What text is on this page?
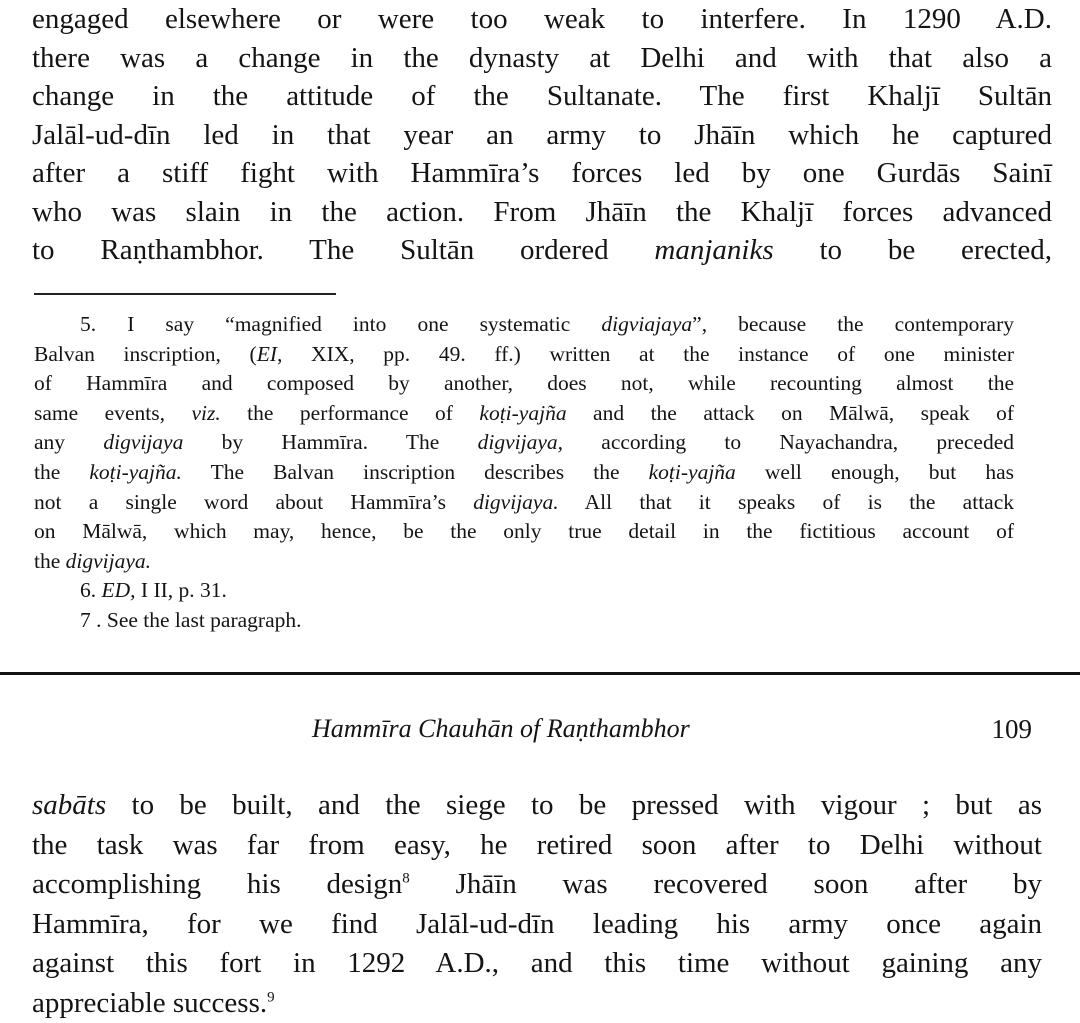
engaged elsewhere or were too weak to interfere. In 1290 A.D.
there was a change in the dynasty at Delhi and with that also a
change in the attitude of the Sultanate. The first Khaljī Sultān
Jalāl-ud-dīn led in that year an army to Jhāīn which he captured
after a stiff fight with Hammīra’s forces led by one Gurdās Sainī
who was slain in the action. From Jhāīn the Khaljī forces advanced
to Raṇthambhor. The Sultān ordered manjaniks to be erected,
5. I say “magnified into one systematic digviajaya”, because the contemporary
Balvan inscription, (EI, XIX, pp. 49. ff.) written at the instance of one minister
of Hammīra and composed by another, does not, while recounting almost the
same events, viz. the performance of koṭi-yajña and the attack on Mālwā, speak of
any digvijaya by Hammīra. The digvijaya, according to Nayachandra, preceded
the koṭi-yajña. The Balvan inscription describes the koṭi-yajña well enough, but has
not a single word about Hammīra’s digvijaya. All that it speaks of is the attack
on Mālwā, which may, hence, be the only true detail in the fictitious account of
the digvijaya.
6. ED, I II, p. 31.
7 . See the last paragraph.
Hammīra Chauhān of Raṇthambhor	109
sabāts to be built, and the siege to be pressed with vigour ; but as
the task was far from easy, he retired soon after to Delhi without
accomplishing his design$^8$ Jhāīn was recovered soon after by
Hammīra, for we find Jalāl-ud-dīn leading his army once again
against this fort in 1292 A.D., and this time without gaining any
appreciable success.$^9$
